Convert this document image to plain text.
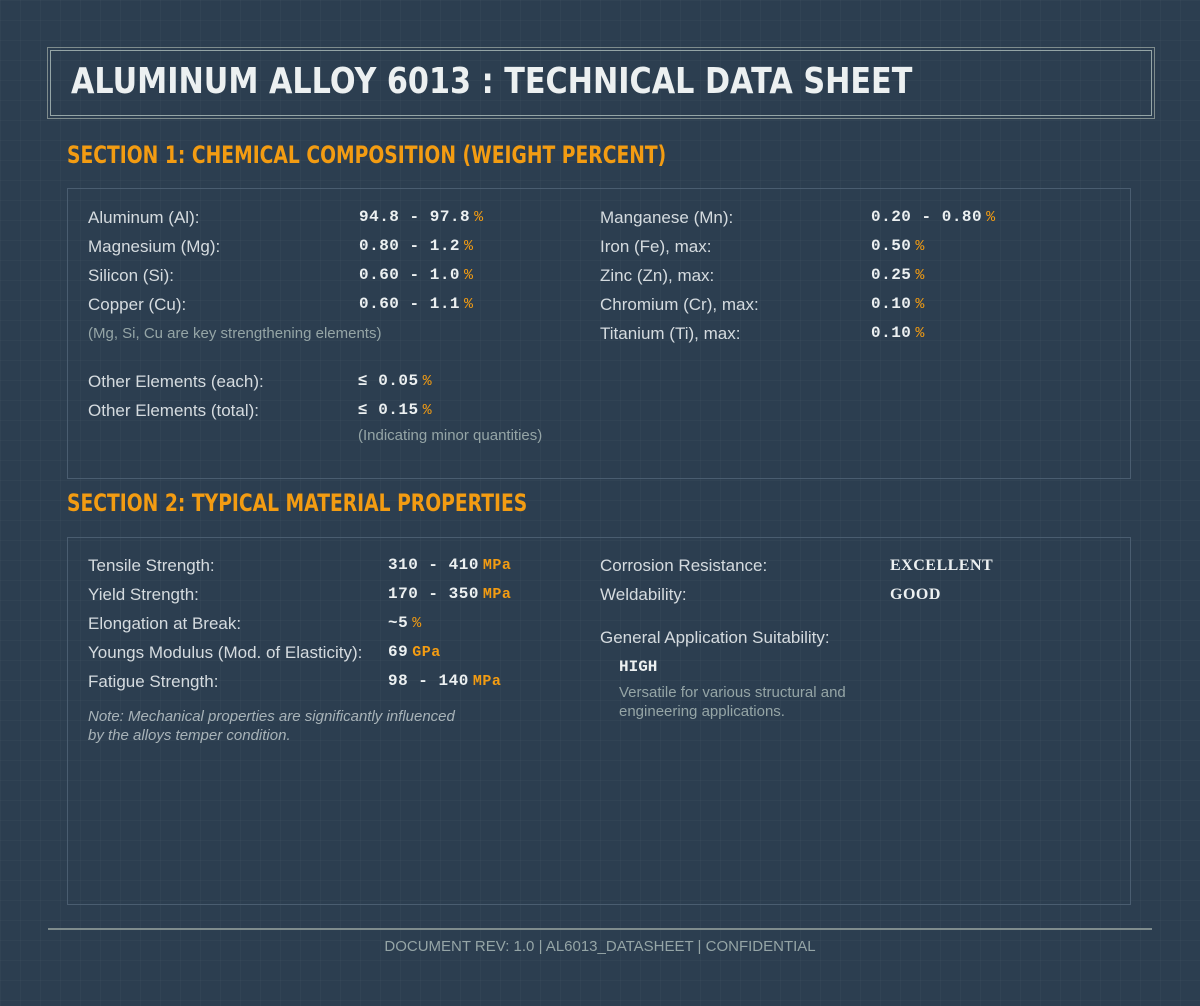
ALUMINUM ALLOY 6013 : TECHNICAL DATA SHEET
SECTION 1: CHEMICAL COMPOSITION (WEIGHT PERCENT)
Aluminum (Al):	94.8 - 97.8 %
Magnesium (Mg):	0.80 - 1.2 %
Silicon (Si):	0.60 - 1.0 %
Copper (Cu):	0.60 - 1.1 %
(Mg, Si, Cu are key strengthening elements)
Manganese (Mn):	0.20 - 0.80 %
Iron (Fe), max:	0.50 %
Zinc (Zn), max:	0.25 %
Chromium (Cr), max:	0.10 %
Titanium (Ti), max:	0.10 %
Other Elements (each):	≤ 0.05 %
Other Elements (total):	≤ 0.15 %
(Indicating minor quantities)
SECTION 2: TYPICAL MATERIAL PROPERTIES
Tensile Strength:	310 - 410 MPa
Yield Strength:	170 - 350 MPa
Elongation at Break:	~5 %
Youngs Modulus (Mod. of Elasticity): 69 GPa
Fatigue Strength:	98 - 140 MPa
Note: Mechanical properties are significantly influenced
by the alloys temper condition.
Corrosion Resistance:	EXCELLENT
Weldability:	GOOD
General Application Suitability:
HIGH
Versatile for various structural and
engineering applications.
DOCUMENT REV: 1.0 | AL6013_DATASHEET | CONFIDENTIAL
